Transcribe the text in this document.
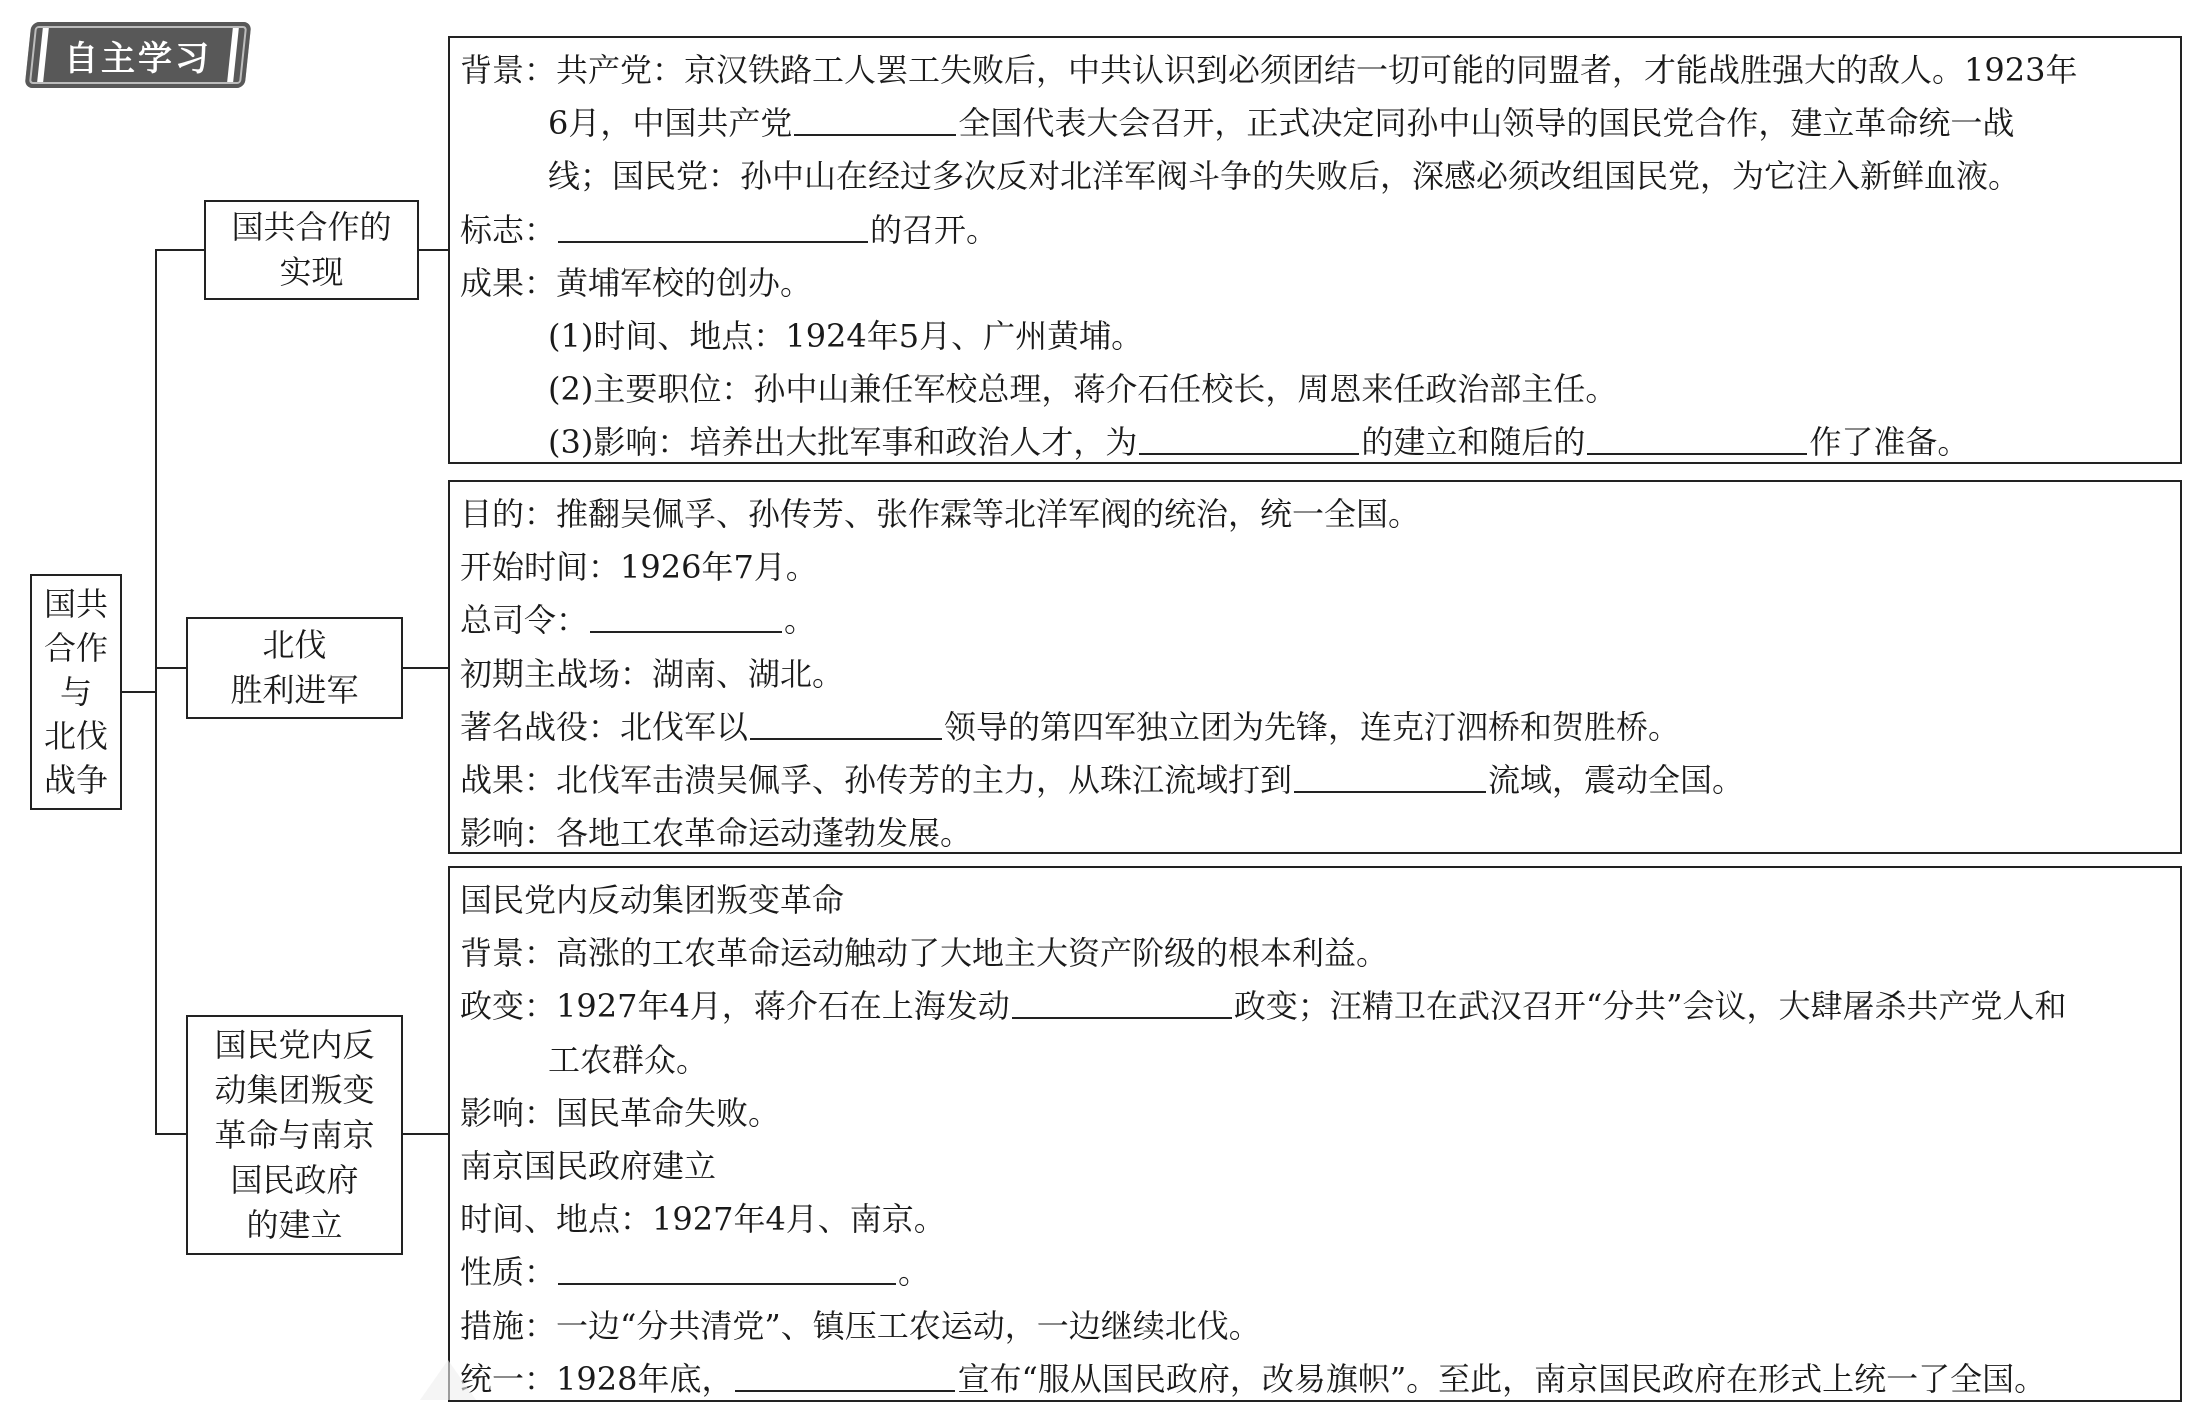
自主学习
国共
合作
与
北伐
战争
国共合作的
实现
北伐
胜利进军
国民党内反
动集团叛变
革命与南京
国民政府
的建立
背景：共产党：京汉铁路工人罢工失败后，中共认识到必须团结一切可能的同盟者，才能战胜强大的敌人。1923年
6月，中国共产党	全国代表大会召开，正式决定同孙中山领导的国民党合作，建立革命统一战
线；国民党：孙中山在经过多次反对北洋军阀斗争的失败后，深感必须改组国民党，为它注入新鲜血液。
标志：	的召开。
成果：黄埔军校的创办。
(1)时间、地点：1924年5月、广州黄埔。
(2)主要职位：孙中山兼任军校总理，蒋介石任校长，周恩来任政治部主任。
(3)影响：培养出大批军事和政治人才，为	的建立和随后的	作了准备。
目的：推翻吴佩孚、孙传芳、张作霖等北洋军阀的统治，统一全国。
开始时间：1926年7月。
总司令：	。
初期主战场：湖南、湖北。
著名战役：北伐军以	领导的第四军独立团为先锋，连克汀泗桥和贺胜桥。
战果：北伐军击溃吴佩孚、孙传芳的主力，从珠江流域打到	流域，震动全国。
影响：各地工农革命运动蓬勃发展。
国民党内反动集团叛变革命
背景：高涨的工农革命运动触动了大地主大资产阶级的根本利益。
政变：1927年4月，蒋介石在上海发动	政变；汪精卫在武汉召开“分共”会议，大肆屠杀共产党人和
工农群众。
影响：国民革命失败。
南京国民政府建立
时间、地点：1927年4月、南京。
性质：	。
措施：一边“分共清党”、镇压工农运动，一边继续北伐。
统一：1928年底，	宣布“服从国民政府，改易旗帜”。至此，南京国民政府在形式上统一了全国。
